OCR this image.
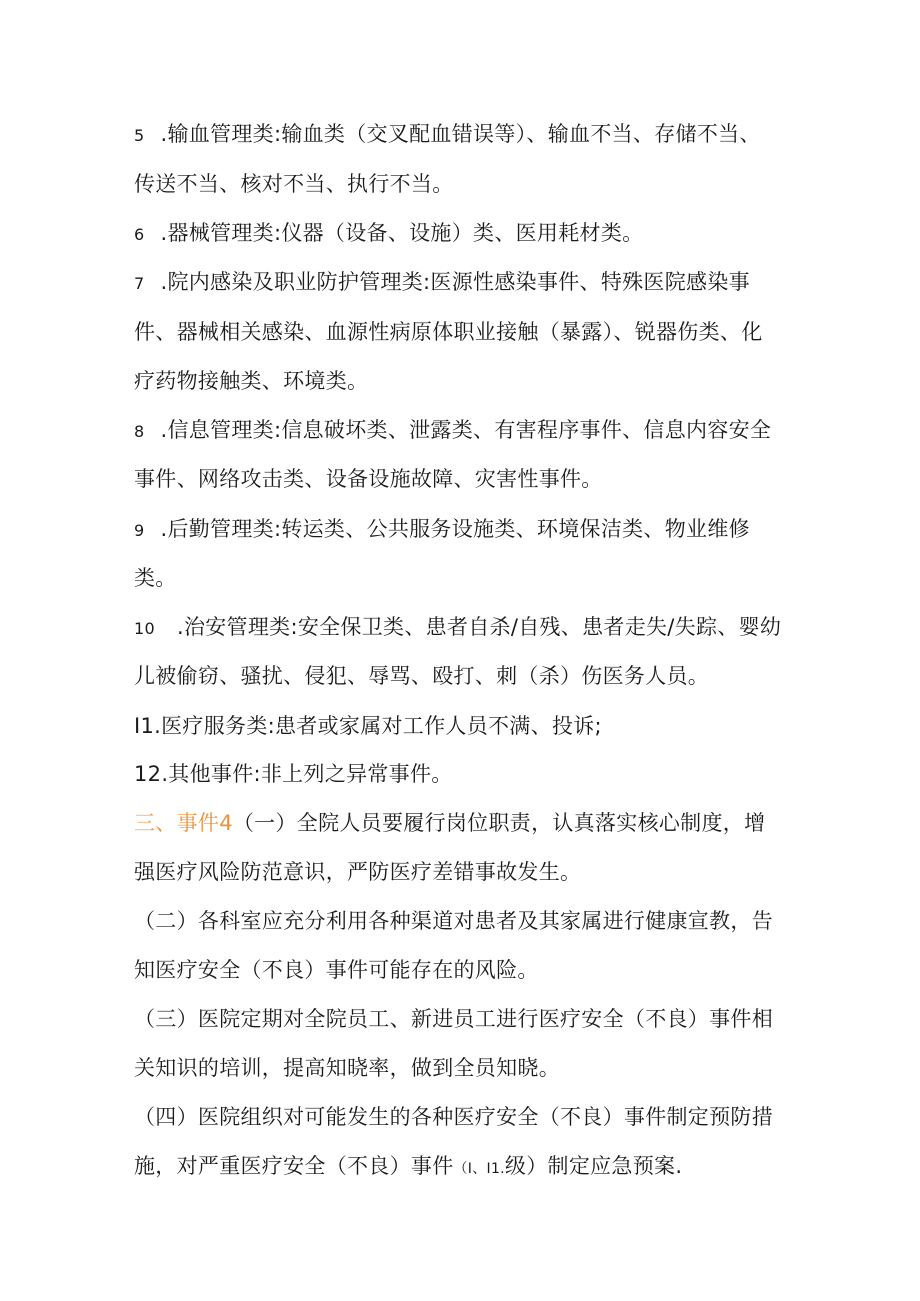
5 .输血管理类:输血类（交叉配血错误等）、输血不当、存储不当、
传送不当、核对不当、执行不当。
6 .器械管理类:仪器（设备、设施）类、医用耗材类。
7 .院内感染及职业防护管理类:医源性感染事件、特殊医院感染事
件、器械相关感染、血源性病原体职业接触（暴露）、锐器伤类、化
疗药物接触类、环境类。
8 .信息管理类:信息破坏类、泄露类、有害程序事件、信息内容安全
事件、网络攻击类、设备设施故障、灾害性事件。
9 .后勤管理类:转运类、公共服务设施类、环境保洁类、物业维修
类。
10 .治安管理类:安全保卫类、患者自杀/自残、患者走失/失踪、婴幼
儿被偷窃、骚扰、侵犯、辱骂、殴打、刺（杀）伤医务人员。
I1.医疗服务类:患者或家属对工作人员不满、投诉;
12.其他事件:非上列之异常事件。
三、事件4（一）全院人员要履行岗位职责，认真落实核心制度，增
强医疗风险防范意识，严防医疗差错事故发生。
（二）各科室应充分利用各种渠道对患者及其家属进行健康宣教，告
知医疗安全（不良）事件可能存在的风险。
（三）医院定期对全院员工、新进员工进行医疗安全（不良）事件相
关知识的培训，提高知晓率，做到全员知晓。
（四）医院组织对可能发生的各种医疗安全（不良）事件制定预防措
施，对严重医疗安全（不良）事件（I、I1.级）制定应急预案.
